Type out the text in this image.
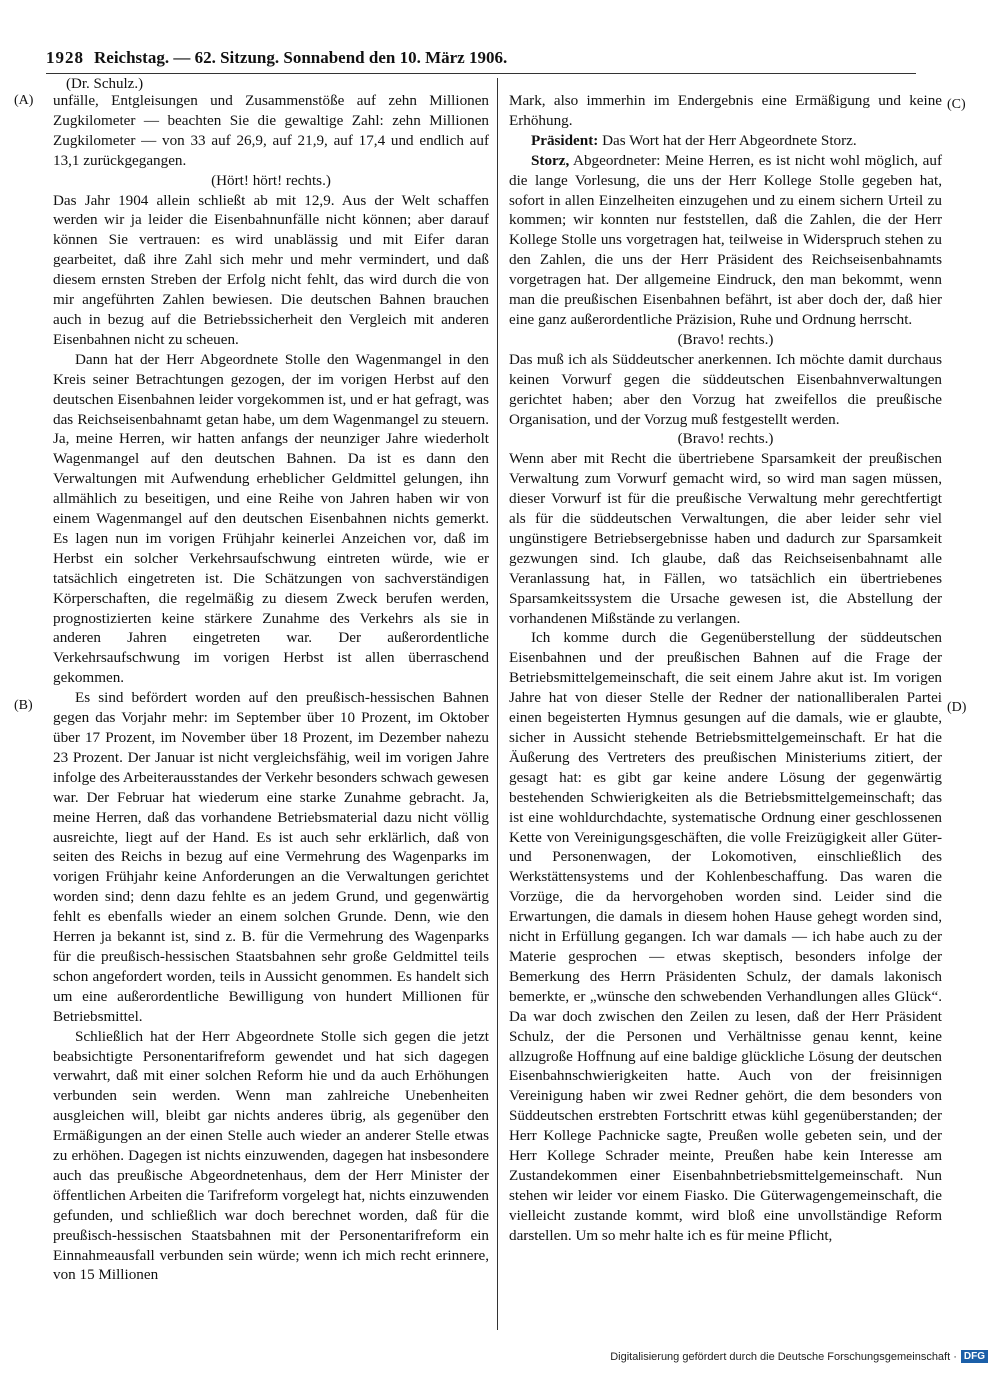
1928 Reichstag. — 62. Sitzung. Sonnabend den 10. März 1906.
(Dr. Schulz.)
(A)
(B)
(C)
(D)

unfälle, Entgleisungen und Zusammenstöße auf zehn Millionen Zugkilometer — beachten Sie die gewaltige Zahl: zehn Millionen Zugkilometer — von 33 auf 26,9, auf 21,9, auf 17,4 und endlich auf 13,1 zurückgegangen.

(Hört! hört! rechts.)

Das Jahr 1904 allein schließt ab mit 12,9. Aus der Welt schaffen werden wir ja leider die Eisenbahnunfälle nicht können; aber darauf können Sie vertrauen: es wird unablässig und mit Eifer daran gearbeitet, daß ihre Zahl sich mehr und mehr vermindert, und daß diesem ernsten Streben der Erfolg nicht fehlt, das wird durch die von mir angeführten Zahlen bewiesen. Die deutschen Bahnen brauchen auch in bezug auf die Betriebssicherheit den Vergleich mit anderen Eisenbahnen nicht zu scheuen.

Dann hat der Herr Abgeordnete Stolle den Wagenmangel in den Kreis seiner Betrachtungen gezogen, der im vorigen Herbst auf den deutschen Eisenbahnen leider vorgekommen ist, und er hat gefragt, was das Reichseisenbahnamt getan habe, um dem Wagenmangel zu steuern. Ja, meine Herren, wir hatten anfangs der neunziger Jahre wiederholt Wagenmangel auf den deutschen Bahnen. Da ist es dann den Verwaltungen mit Aufwendung erheblicher Geldmittel gelungen, ihn allmählich zu beseitigen, und eine Reihe von Jahren haben wir von einem Wagenmangel auf den deutschen Eisenbahnen nichts gemerkt. Es lagen nun im vorigen Frühjahr keinerlei Anzeichen vor, daß im Herbst ein solcher Verkehrsaufschwung eintreten würde, wie er tatsächlich eingetreten ist. Die Schätzungen von sachverständigen Körperschaften, die regelmäßig zu diesem Zweck berufen werden, prognostizierten keine stärkere Zunahme des Verkehrs als sie in anderen Jahren eingetreten war. Der außerordentliche Verkehrsaufschwung im vorigen Herbst ist allen überraschend gekommen.

Es sind befördert worden auf den preußisch-hessischen Bahnen gegen das Vorjahr mehr: im September über 10 Prozent, im Oktober über 17 Prozent, im November über 18 Prozent, im Dezember nahezu 23 Prozent. Der Januar ist nicht vergleichsfähig, weil im vorigen Jahre infolge des Arbeiterausstandes der Verkehr besonders schwach gewesen war. Der Februar hat wiederum eine starke Zunahme gebracht. Ja, meine Herren, daß das vorhandene Betriebsmaterial dazu nicht völlig ausreichte, liegt auf der Hand. Es ist auch sehr erklärlich, daß von seiten des Reichs in bezug auf eine Vermehrung des Wagenparks im vorigen Frühjahr keine Anforderungen an die Verwaltungen gerichtet worden sind; denn dazu fehlte es an jedem Grund, und gegenwärtig fehlt es ebenfalls wieder an einem solchen Grunde. Denn, wie den Herren ja bekannt ist, sind z. B. für die Vermehrung des Wagenparks für die preußisch-hessischen Staatsbahnen sehr große Geldmittel teils schon angefordert worden, teils in Aussicht genommen. Es handelt sich um eine außerordentliche Bewilligung von hundert Millionen für Betriebsmittel.

Schließlich hat der Herr Abgeordnete Stolle sich gegen die jetzt beabsichtigte Personentarifreform gewendet und hat sich dagegen verwahrt, daß mit einer solchen Reform hie und da auch Erhöhungen verbunden sein werden. Wenn man zahlreiche Unebenheiten ausgleichen will, bleibt gar nichts anderes übrig, als gegenüber den Ermäßigungen an der einen Stelle auch wieder an anderer Stelle etwas zu erhöhen. Dagegen ist nichts einzuwenden, dagegen hat insbesondere auch das preußische Abgeordnetenhaus, dem der Herr Minister der öffentlichen Arbeiten die Tarifreform vorgelegt hat, nichts einzuwenden gefunden, und schließlich war doch berechnet worden, daß für die preußisch-hessischen Staatsbahnen mit der Personentarifreform ein Einnahmeausfall verbunden sein würde; wenn ich mich recht erinnere, von 15 Millionen

Mark, also immerhin im Endergebnis eine Ermäßigung und keine Erhöhung.

Präsident: Das Wort hat der Herr Abgeordnete Storz.

Storz, Abgeordneter: Meine Herren, es ist nicht wohl möglich, auf die lange Vorlesung, die uns der Herr Kollege Stolle gegeben hat, sofort in allen Einzelheiten einzugehen und zu einem sichern Urteil zu kommen; wir konnten nur feststellen, daß die Zahlen, die der Herr Kollege Stolle uns vorgetragen hat, teilweise in Widerspruch stehen zu den Zahlen, die uns der Herr Präsident des Reichseisenbahnamts vorgetragen hat. Der allgemeine Eindruck, den man bekommt, wenn man die preußischen Eisenbahnen befährt, ist aber doch der, daß hier eine ganz außerordentliche Präzision, Ruhe und Ordnung herrscht.

(Bravo! rechts.)

Das muß ich als Süddeutscher anerkennen. Ich möchte damit durchaus keinen Vorwurf gegen die süddeutschen Eisenbahnverwaltungen gerichtet haben; aber den Vorzug hat zweifellos die preußische Organisation, und der Vorzug muß festgestellt werden.

(Bravo! rechts.)

Wenn aber mit Recht die übertriebene Sparsamkeit der preußischen Verwaltung zum Vorwurf gemacht wird, so wird man sagen müssen, dieser Vorwurf ist für die preußische Verwaltung mehr gerechtfertigt als für die süddeutschen Verwaltungen, die aber leider sehr viel ungünstigere Betriebsergebnisse haben und dadurch zur Sparsamkeit gezwungen sind. Ich glaube, daß das Reichseisenbahnamt alle Veranlassung hat, in Fällen, wo tatsächlich ein übertriebenes Sparsamkeitssystem die Ursache gewesen ist, die Abstellung der vorhandenen Mißstände zu verlangen.

Ich komme durch die Gegenüberstellung der süddeutschen Eisenbahnen und der preußischen Bahnen auf die Frage der Betriebsmittelgemeinschaft, die seit einem Jahre akut ist. Im vorigen Jahre hat von dieser Stelle der Redner der nationalliberalen Partei einen begeisterten Hymnus gesungen auf die damals, wie er glaubte, sicher in Aussicht stehende Betriebsmittelgemeinschaft. Er hat die Äußerung des Vertreters des preußischen Ministeriums zitiert, der gesagt hat: es gibt gar keine andere Lösung der gegenwärtig bestehenden Schwierigkeiten als die Betriebsmittelgemeinschaft; das ist eine wohldurchdachte, systematische Ordnung einer geschlossenen Kette von Vereinigungsgeschäften, die volle Freizügigkeit aller Güter- und Personenwagen, der Lokomotiven, einschließlich des Werkstättensystems und der Kohlenbeschaffung. Das waren die Vorzüge, die da hervorgehoben worden sind. Leider sind die Erwartungen, die damals in diesem hohen Hause gehegt worden sind, nicht in Erfüllung gegangen. Ich war damals — ich habe auch zu der Materie gesprochen — etwas skeptisch, besonders infolge der Bemerkung des Herrn Präsidenten Schulz, der damals lakonisch bemerkte, er „wünsche den schwebenden Verhandlungen alles Glück“. Da war doch zwischen den Zeilen zu lesen, daß der Herr Präsident Schulz, der die Personen und Verhältnisse genau kennt, keine allzugroße Hoffnung auf eine baldige glückliche Lösung der deutschen Eisenbahnschwierigkeiten hatte. Auch von der freisinnigen Vereinigung haben wir zwei Redner gehört, die dem besonders von Süddeutschen erstrebten Fortschritt etwas kühl gegenüberstanden; der Herr Kollege Pachnicke sagte, Preußen wolle gebeten sein, und der Herr Kollege Schrader meinte, Preußen habe kein Interesse am Zustandekommen einer Eisenbahnbetriebsmittelgemeinschaft. Nun stehen wir leider vor einem Fiasko. Die Güterwagengemeinschaft, die vielleicht zustande kommt, wird bloß eine unvollständige Reform darstellen. Um so mehr halte ich es für meine Pflicht,

Digitalisierung gefördert durch die Deutsche Forschungsgemeinschaft · DFG
